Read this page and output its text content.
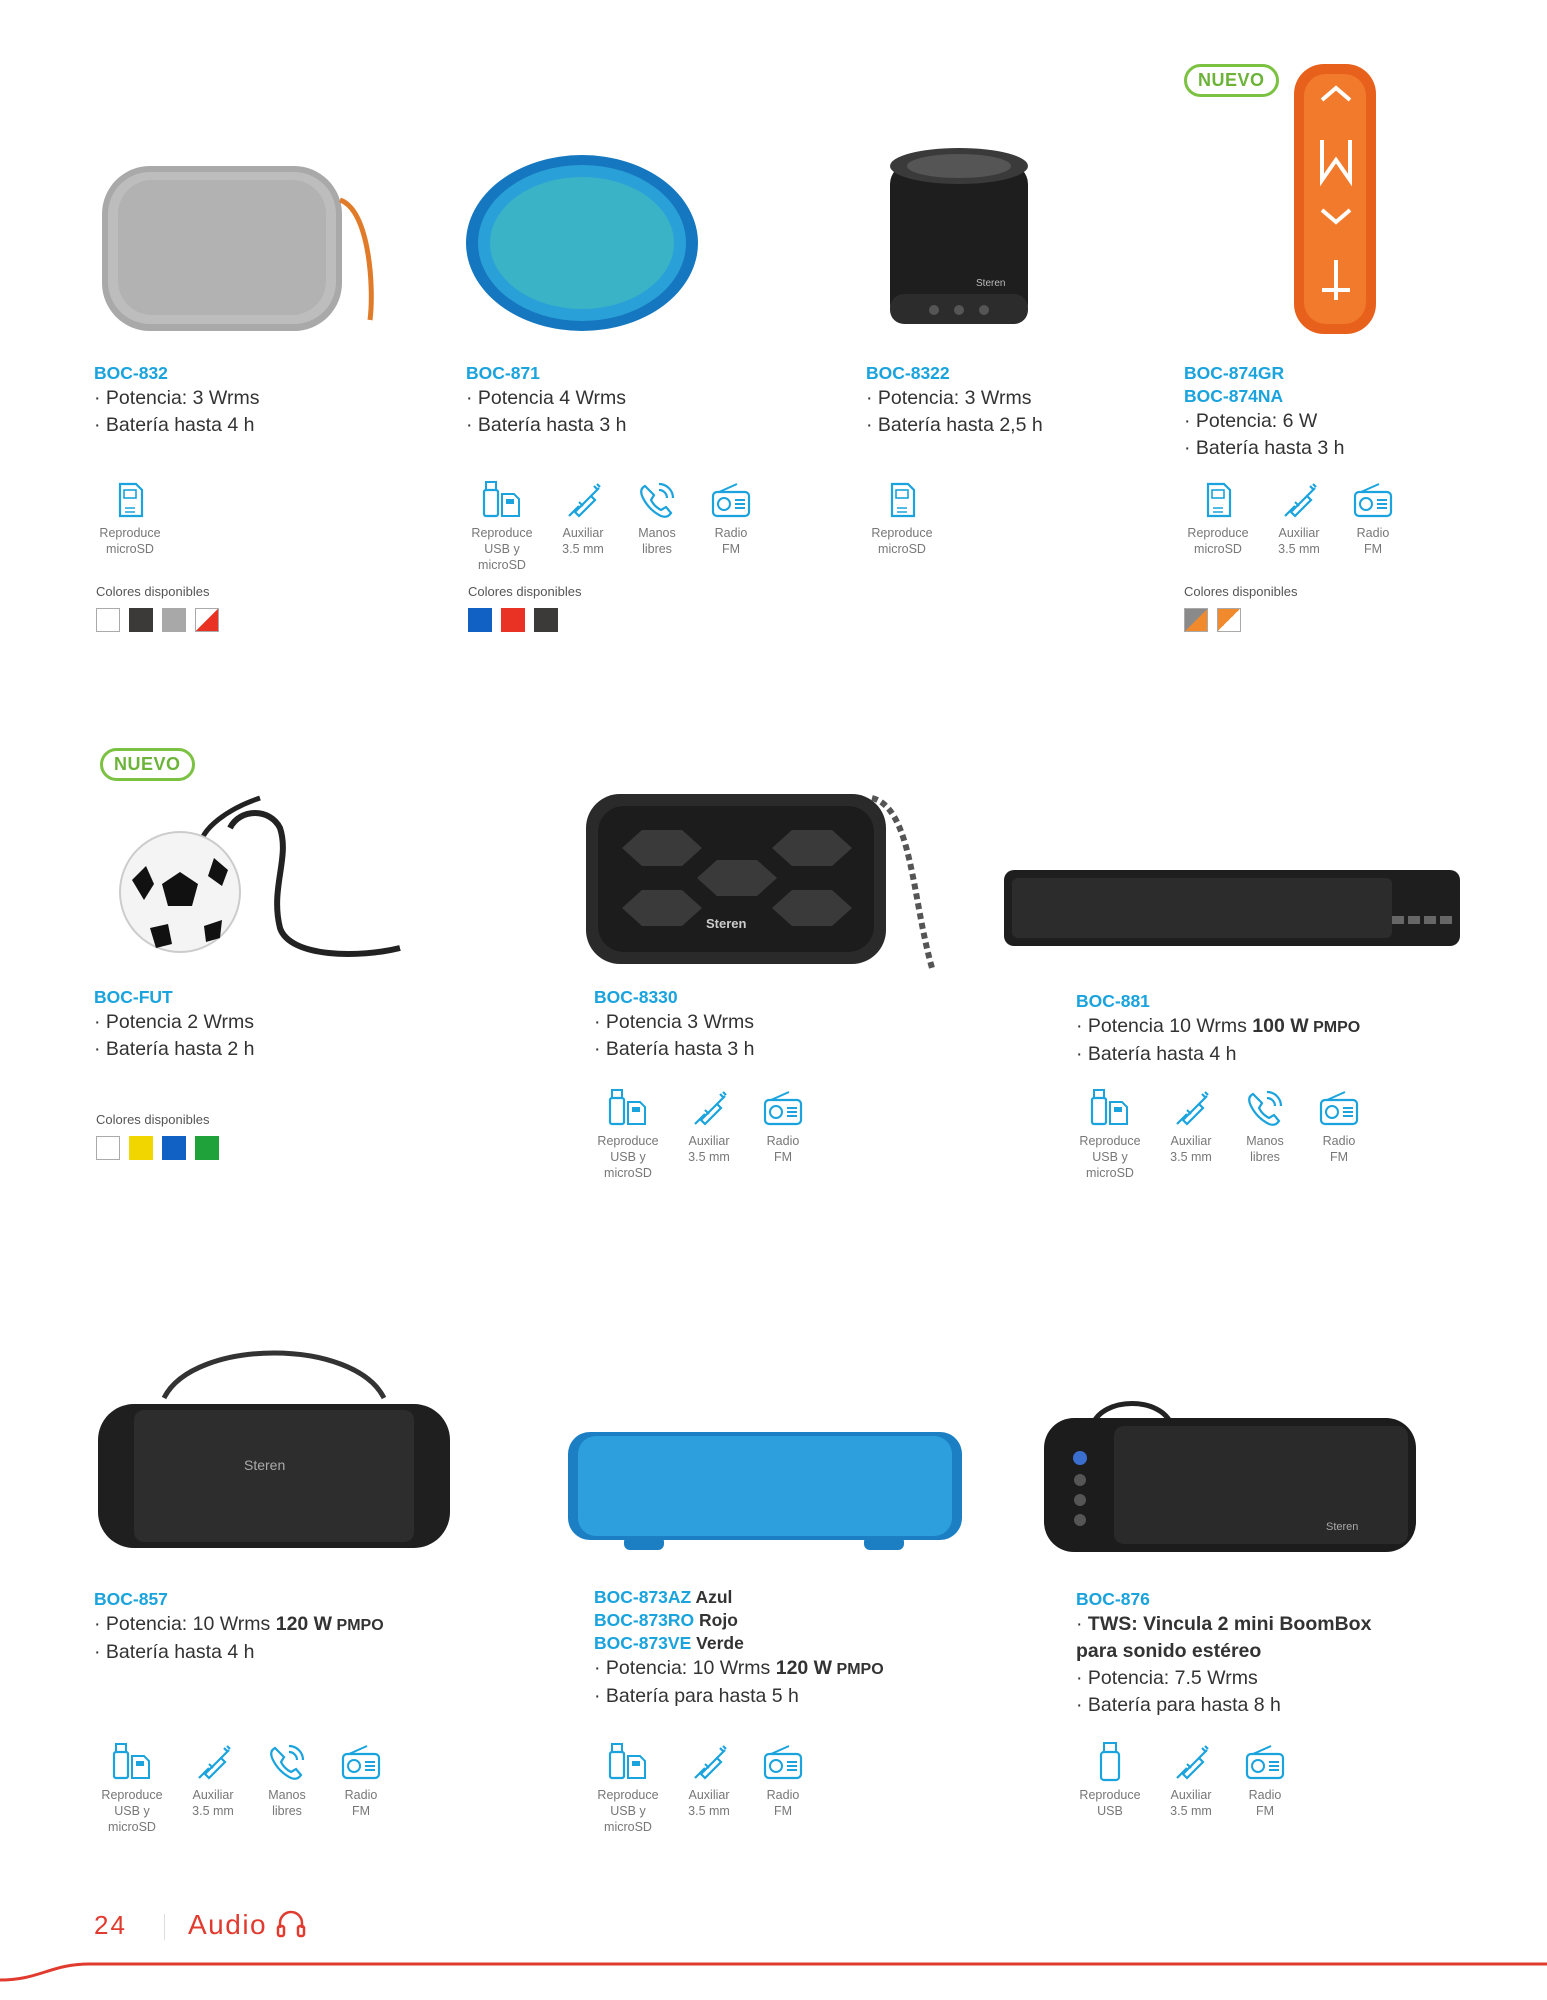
BOC-832
· Potencia: 3 Wrms
· Batería hasta 4 h
Reproduce
microSD
Colores disponibles
BOC-871
· Potencia 4 Wrms
· Batería hasta 3 h
Reproduce
USB y microSD
Auxiliar
3.5 mm
Manos
libres
Radio
FM
Colores disponibles
Steren
BOC-8322
· Potencia: 3 Wrms
· Batería hasta 2,5 h
Reproduce
microSD
NUEVO
BOC-874GR
BOC-874NA
· Potencia: 6 W
· Batería hasta 3 h
Reproduce
microSD
Auxiliar
3.5 mm
Radio
FM
Colores disponibles
NUEVO
BOC-FUT
· Potencia 2 Wrms
· Batería hasta 2 h
Colores disponibles
Steren
BOC-8330
· Potencia 3 Wrms
· Batería hasta 3 h
Reproduce
USB y microSD
Auxiliar
3.5 mm
Radio
FM
BOC-881
· Potencia 10 Wrms 100 W PMPO
· Batería hasta 4 h
Reproduce
USB y microSD
Auxiliar
3.5 mm
Manos
libres
Radio
FM
Steren
BOC-857
· Potencia: 10 Wrms 120 W PMPO
· Batería hasta 4 h
Reproduce
USB y microSD
Auxiliar
3.5 mm
Manos
libres
Radio
FM
BOC-873AZ Azul
BOC-873RO Rojo
BOC-873VE Verde
· Potencia: 10 Wrms 120 W PMPO
· Batería para hasta 5 h
Reproduce
USB y microSD
Auxiliar
3.5 mm
Radio
FM
Steren
BOC-876
· TWS: Vincula 2 mini BoomBox para sonido estéreo
· Potencia: 7.5 Wrms
· Batería para hasta 8 h
Reproduce
USB
Auxiliar
3.5 mm
Radio
FM
24 Audio
